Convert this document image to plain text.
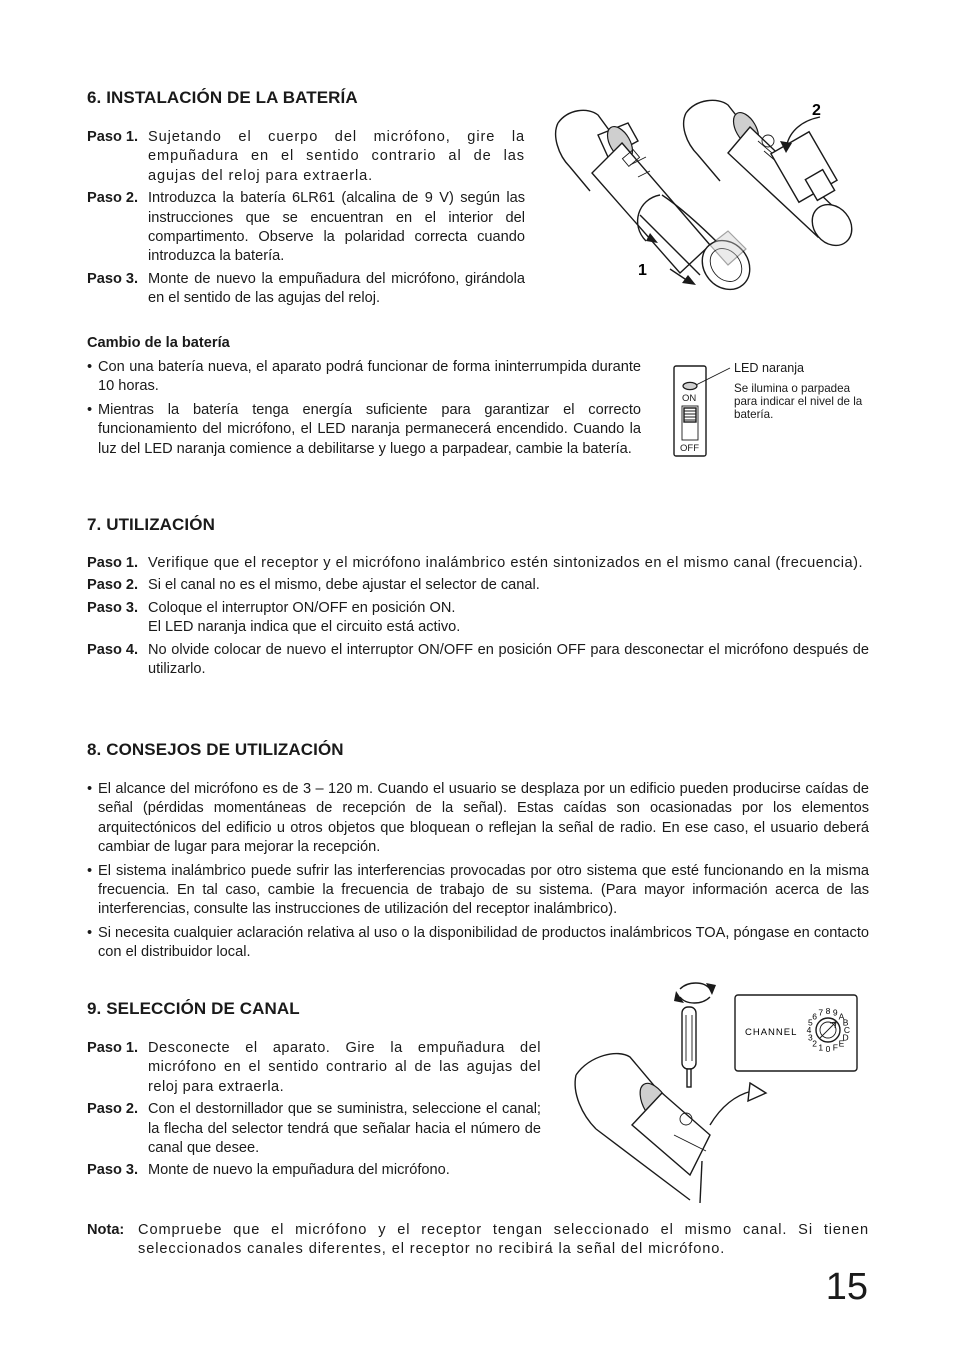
6. INSTALACIÓN DE LA BATERÍA
Paso 1. Sujetando el cuerpo del micrófono, gire la empuñadura en el sentido contrario al de las agujas del reloj para extraerla.
Paso 2. Introduzca la batería 6LR61 (alcalina de 9 V) según las instrucciones que se encuentran en el interior del compartimento. Observe la polaridad correcta cuando introduzca la batería.
Paso 3. Monte de nuevo la empuñadura del micrófono, girándola en el sentido de las agujas del reloj.
1
2
Cambio de la batería
• Con una batería nueva, el aparato podrá funcionar de forma ininterrumpida durante 10 horas.
• Mientras la batería tenga energía suficiente para garantizar el correcto funcionamiento del micrófono, el LED naranja permanecerá encendido. Cuando la luz del LED naranja comience a debilitarse y luego a parpadear, cambie la batería.
ON
OFF
LED naranja
Se ilumina o parpadea para indicar el nivel de la batería.
7. UTILIZACIÓN
Paso 1. Verifique que el receptor y el micrófono inalámbrico estén sintonizados en el mismo canal (frecuencia).
Paso 2. Si el canal no es el mismo, debe ajustar el selector de canal.
Paso 3. Coloque el interruptor ON/OFF en posición ON.
El LED naranja indica que el circuito está activo.
Paso 4. No olvide colocar de nuevo el interruptor ON/OFF en posición OFF para desconectar el micrófono después de utilizarlo.
8. CONSEJOS DE UTILIZACIÓN
• El alcance del micrófono es de 3 – 120 m. Cuando el usuario se desplaza por un edificio pueden producirse caídas de señal (pérdidas momentáneas de recepción de la señal). Estas caídas son ocasionadas por los elementos arquitectónicos del edificio u otros objetos que bloquean o reflejan la señal de radio. En ese caso, el usuario deberá cambiar de lugar para mejorar la recepción.
• El sistema inalámbrico puede sufrir las interferencias provocadas por otro sistema que esté funcionando en la misma frecuencia. En tal caso, cambie la frecuencia de trabajo de su sistema. (Para mayor información acerca de las interferencias, consulte las instrucciones de utilización del receptor inalámbrico).
• Si necesita cualquier aclaración relativa al uso o la disponibilidad de productos inalámbricos TOA, póngase en contacto con el distribuidor local.
9. SELECCIÓN DE CANAL
Paso 1. Desconecte el aparato. Gire la empuñadura del micrófono en el sentido contrario al de las agujas del reloj para extraerla.
Paso 2. Con el destornillador que se suministra, seleccione el canal; la flecha del selector tendrá que señalar hacia el número de canal que desee.
Paso 3. Monte de nuevo la empuñadura del micrófono.
CHANNEL
0
1
2
3
4
5
6 7 8 9 A
B
C
D
E
F
Nota: Compruebe que el micrófono y el receptor tengan seleccionado el mismo canal. Si tienen seleccionados canales diferentes, el receptor no recibirá la señal del micrófono.
15
